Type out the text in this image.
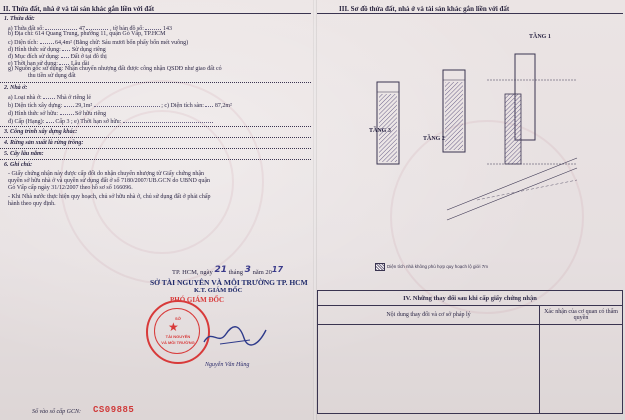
II. Thửa đất, nhà ở và tài sản khác gắn liền với đất
1. Thửa đất:
a) Thửa đất số:	47	, tờ bản đồ số:	143
b) Địa chỉ: 614 Quang Trung, phường 11, quận Gò Vấp, TP.HCM
c) Diện tích:	64,4m² (Bằng chữ: Sáu mươi bốn phẩy bốn mét vuông)
d) Hình thức sử dụng: Sử dụng riêng
đ) Mục đích sử dụng: Đất ở tại đô thị
e) Thời hạn sử dụng: Lâu dài
g) Nguồn gốc sử dụng: Nhận chuyển nhượng đất được công nhận QSDĐ như giao đất có
thu tiền sử dụng đất
2. Nhà ở:
a) Loại nhà ở:	Nhà ở riêng lẻ
b) Diện tích xây dựng: 29,1m²	; c) Diện tích sàn: 87,2m²
d) Hình thức sở hữu:	Sở hữu riêng
đ) Cấp (Hạng): Cấp 3 ; e) Thời hạn sở hữu:
3. Công trình xây dựng khác:
4. Rừng sản xuất là rừng trồng:
5. Cây lâu năm:
6. Ghi chú:
- Giấy chứng nhận này được cấp đổi do nhận chuyển nhượng từ Giấy chứng nhận
quyền sở hữu nhà ở và quyền sử dụng đất ở số 7180/2007/UB.GCN do UBND quận
Gò Vấp cấp ngày 31/12/2007 theo hồ sơ số 166096.
- Khi Nhà nước thực hiện quy hoạch, chủ sở hữu nhà ở, chủ sử dụng đất ở phải chấp
hành theo quy định.
TP. HCM, ngày 21 tháng 3 năm 2017
SỞ TÀI NGUYÊN VÀ MÔI TRƯỜNG TP. HCM
K.T. GIÁM ĐỐC
PHÓ GIÁM ĐỐC
SỞ
★
TÀI NGUYÊN
VÀ MÔI TRƯỜNG
Nguyễn Văn Hùng
Số vào sổ cấp GCN: CS09885
III. Sơ đồ thửa đất, nhà ở và tài sản khác gắn liền với đất
TẦNG 1
TẦNG 2
TẦNG 3
Diện tích nhà không phù hợp quy hoạch lộ giới 7m
IV. Những thay đổi sau khi cấp giấy chứng nhận	
Nội dung thay đổi và cơ sở pháp lý	Xác nhận của cơ quan có thẩm quyền
